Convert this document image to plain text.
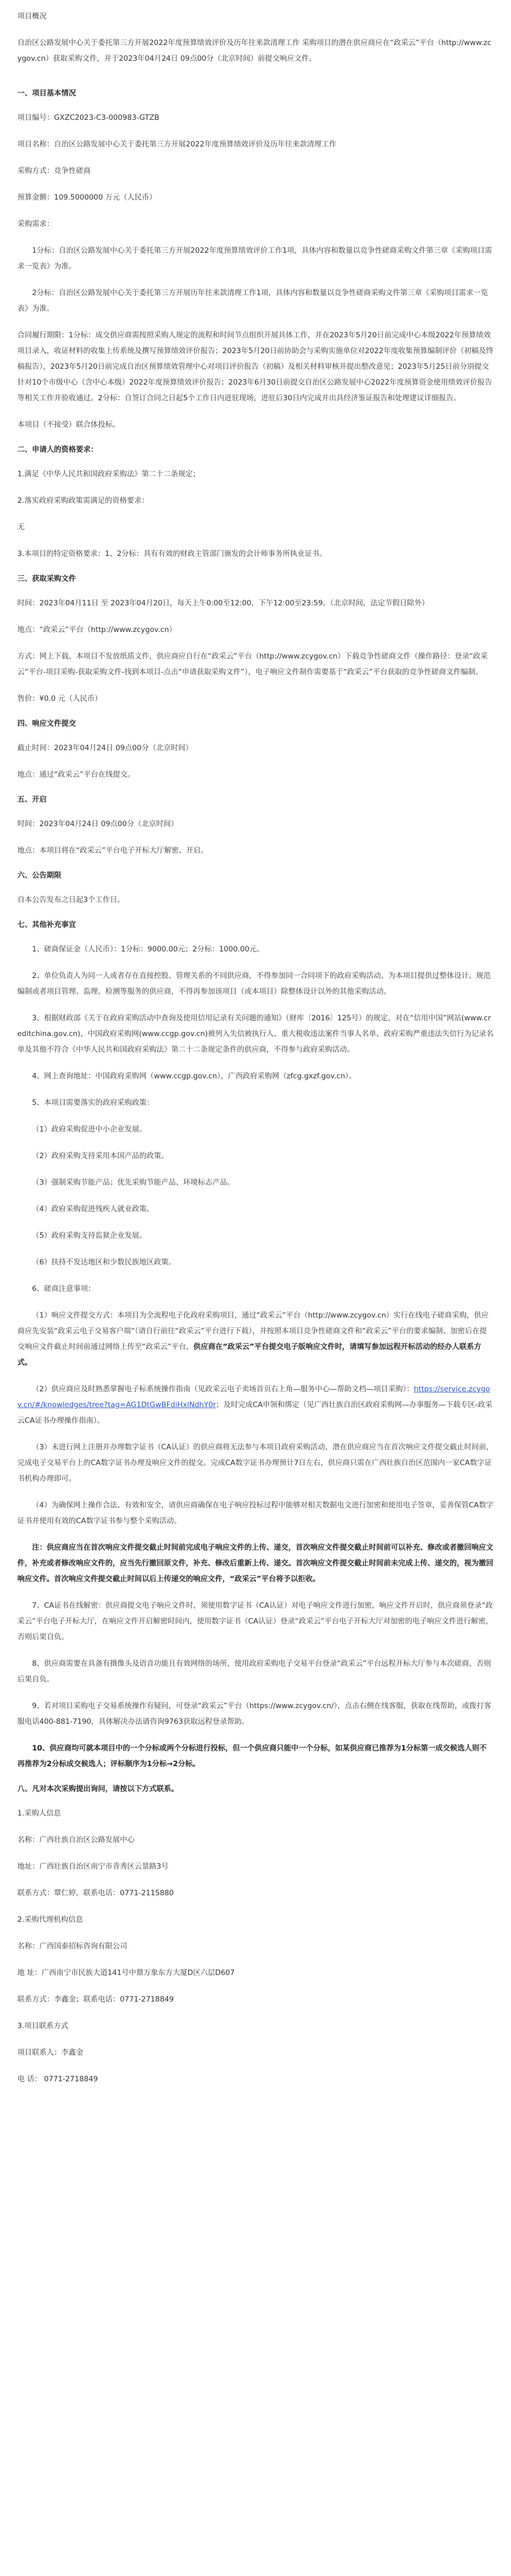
项目概况

自治区公路发展中心关于委托第三方开展2022年度预算绩效评价及历年往来款清理工作 采购项目的潜在供应商应在“政采云”平台（http://www.zcygov.cn）获取采购文件，并于2023年04月24日 09点00分（北京时间）前提交响应文件。

一、项目基本情况

项目编号：GXZC2023-C3-000983-GTZB

项目名称：自治区公路发展中心关于委托第三方开展2022年度预算绩效评价及历年往来款清理工作

采购方式：竞争性磋商

预算金额：109.5000000 万元（人民币）

采购需求：

1分标：自治区公路发展中心关于委托第三方开展2022年度预算绩效评价工作1项，具体内容和数量以竞争性磋商采购文件第三章《采购项目需求一览表》为准。

2分标：自治区公路发展中心关于委托第三方开展历年往来款清理工作1项，具体内容和数量以竞争性磋商采购文件第三章《采购项目需求一览表》为准。

合同履行期限：1分标：成交供应商需按照采购人规定的流程和时间节点组织开展具体工作，并在2023年5月20日前完成中心本级2022年预算绩效项目录入，收证材料的收集上传系统及撰写预算绩效评价报告；2023年5月20日前协助会与采购实施单位对2022年度收集预算编制评价（初稿及终稿报告），2023年5月20日前完成自治区预算绩效管理中心对项目评价报告（初稿）及相关材料审核并提出整改意见；2023年5月25日前分别提交针对10个市级中心（含中心本级）2022年度预算绩效评价报告；2023年6月30日前提交自治区公路发展中心2022年度预算资金使用绩效评价报告等相关工作并验收通过。2分标：自签订合同之日起5个工作日内进驻现场，进驻后30日内完成并出具经济鉴证报告和处理建议详细报告。

本项目（不接受）联合体投标。

二、申请人的资格要求：

1.满足《中华人民共和国政府采购法》第二十二条规定；

2.落实政府采购政策需满足的资格要求：

无

3.本项目的特定资格要求：1、2分标：具有有效的财政主管部门颁发的会计师事务所执业证书。

三、获取采购文件

时间：2023年04月11日 至 2023年04月20日，每天上午0:00至12:00，下午12:00至23:59。（北京时间，法定节假日除外）

地点：“政采云”平台（http://www.zcygov.cn）

方式：网上下载。本项目不发放纸质文件，供应商应自行在“政采云”平台（http://www.zcygov.cn）下载竞争性磋商文件（操作路径：登录“政采云”平台-项目采购-获取采购文件-找到本项目-点击“申请获取采购文件”），电子响应文件制作需要基于“政采云”平台获取的竞争性磋商文件编制。

售价：¥0.0 元（人民币）

四、响应文件提交

截止时间：2023年04月24日 09点00分（北京时间）

地点：通过“政采云”平台在线提交。

五、开启

时间：2023年04月24日 09点00分（北京时间）

地点：本项目将在“政采云”平台电子开标大厅解密、开启。

六、公告期限

自本公告发布之日起3个工作日。

七、其他补充事宜

1、磋商保证金（人民币）：1分标：9000.00元；2分标：1000.00元。

2、单位负责人为同一人或者存在直接控股、管理关系的不同供应商，不得参加同一合同项下的政府采购活动。为本项目提供过整体设计、规范编制或者项目管理、监理、检测等服务的供应商，不得再参加该项目（或本项目）除整体设计以外的其他采购活动。

3、根据财政部《关于在政府采购活动中查询及使用信用记录有关问题的通知》（财库〔2016〕125号）的规定，对在“信用中国”网站(www.creditchina.gov.cn)、中国政府采购网(www.ccgp.gov.cn)被列入失信被执行人、重大税收违法案件当事人名单、政府采购严重违法失信行为记录名单及其他不符合《中华人民共和国政府采购法》第二十二条规定条件的供应商，不得参与政府采购活动。

4、网上查询地址：中国政府采购网（www.ccgp.gov.cn），广西政府采购网（zfcg.gxzf.gov.cn）。

5、本项目需要落实的政府采购政策：

（1）政府采购促进中小企业发展。

（2）政府采购支持采用本国产品的政策。

（3）强制采购节能产品；优先采购节能产品、环境标志产品。

（4）政府采购促进残疾人就业政策。

（5）政府采购支持监狱企业发展。

（6）扶持不发达地区和少数民族地区政策。

6、磋商注意事项：

（1）响应文件提交方式：本项目为全流程电子化政府采购项目，通过“政采云”平台（http://www.zcygov.cn）实行在线电子磋商采购，供应商应先安装“政采云电子交易客户端”（请自行前往“政采云”平台进行下载），并按照本项目竞争性磋商文件和“政采云”平台的要求编制、加密后在提交响应文件截止时间前通过网络上传至“政采云”平台，供应商在“政采云”平台提交电子版响应文件时，请填写参加远程开标活动的经办人联系方式。

（2）供应商应及时熟悉掌握电子标系统操作指南（见政采云电子卖场首页右上角—服务中心—帮助文档—项目采购）：https://service.zcygov.cn/#/knowledges/tree?tag=AG1DtGwBFdiHxlNdhY0r；及时完成CA申领和绑定（见广西壮族自治区政府采购网—办事服务—下载专区-政采云CA证书办理操作指南）。

（3）未进行网上注册并办理数字证书（CA认证）的供应商将无法参与本项目政府采购活动，潜在供应商应当在首次响应文件提交截止时间前，完成电子交易平台上的CA数字证书办理及响应文件的提交。完成CA数字证书办理预计7日左右，供应商只需在广西壮族自治区范围内一家CA数字证书机构办理即可。

（4）为确保网上操作合法、有效和安全，请供应商确保在电子响应投标过程中能够对相关数据电文进行加密和使用电子签章，妥善保管CA数字证书并使用有效的CA数字证书参与整个采购活动。

注：供应商应当在首次响应文件提交截止时间前完成电子响应文件的上传、递交，首次响应文件提交截止时间前可以补充、修改或者撤回响应文件，补充或者修改响应文件的，应当先行撤回原文件，补充、修改后重新上传、递交。首次响应文件提交截止时间前未完成上传、递交的，视为撤回响应文件。首次响应文件提交截止时间以后上传递交的响应文件，“政采云”平台将予以拒收。

7、CA证书在线解密：供应商提交电子响应文件时，须使用数字证书（CA认证）对电子响应文件进行加密，响应文件开启时，供应商须登录“政采云”平台电子开标大厅，在响应文件开启解密时间内，使用数字证书（CA认证）登录“政采云”平台电子开标大厅对加密的电子响应文件进行解密，否则后果自负。

8、供应商需要在具备有摄像头及语音功能且有效网络的场所，使用政府采购电子交易平台登录“政采云”平台远程开标大厅参与本次磋商，否则后果自负。

9、若对项目采购电子交易系统操作有疑问，可登录“政采云”平台（https://www.zcygov.cn/），点击右侧在线客服，获取在线帮助，或拨打客服电话400-881-7190，具体解决办法请咨询9763获取远程登录帮助。

10、供应商均可就本项目中的一个分标或两个分标进行投标，但一个供应商只能中一个分标，如某供应商已推荐为1分标第一成交候选人则不再推荐为2分标成交候选人；评标顺序为1分标→2分标。

八、凡对本次采购提出询问，请按以下方式联系。

1.采购人信息

名称：广西壮族自治区公路发展中心

地址：广西壮族自治区南宁市青秀区云景路3号

联系方式：覃仁婷，联系电话：0771-2115880

2.采购代理机构信息

名称：广西国泰招标咨询有限公司

地 址：广西南宁市民族大道141号中鼎万象东方大厦D区六层D607

联系方式：李鑫金；联系电话：0771-2718849

3.项目联系方式

项目联系人：李鑫金

电 话： 0771-2718849
